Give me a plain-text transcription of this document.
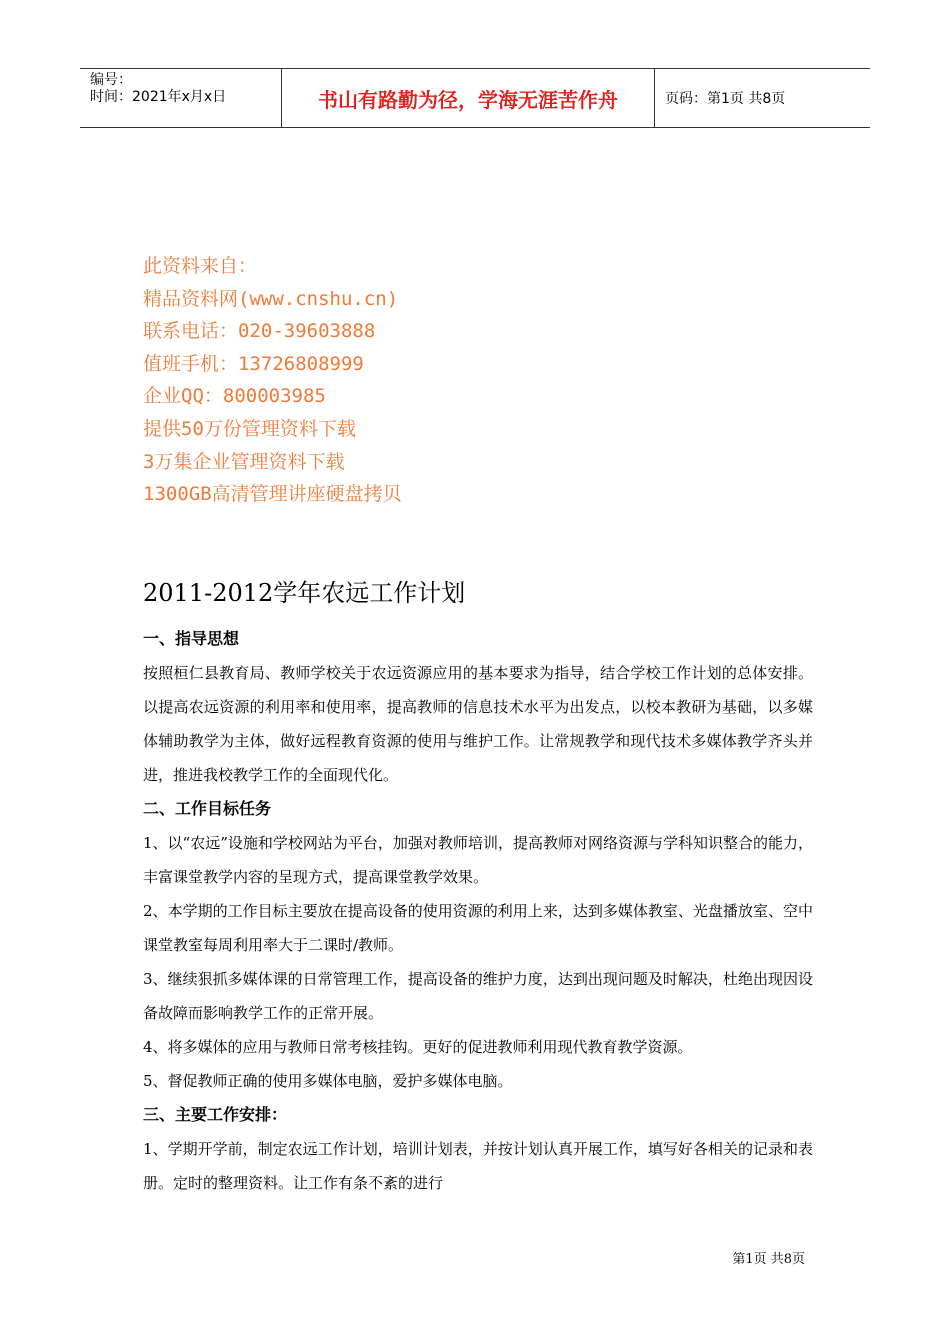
编号：
时间：2021年x月x日	书山有路勤为径，学海无涯苦作舟	页码：第1页 共8页
此资料来自：
精品资料网(www.cnshu.cn)
联系电话：020-39603888
值班手机：13726808999
企业QQ：800003985
提供50万份管理资料下载
3万集企业管理资料下载
1300GB高清管理讲座硬盘拷贝
2011-2012学年农远工作计划

一、指导思想

按照桓仁县教育局、教师学校关于农远资源应用的基本要求为指导，结合学校工作计划的总体安排。以提高农远资源的利用率和使用率，提高教师的信息技术水平为出发点，以校本教研为基础，以多媒体辅助教学为主体，做好远程教育资源的使用与维护工作。让常规教学和现代技术多媒体教学齐头并进，推进我校教学工作的全面现代化。

二、工作目标任务

1、以“农远”设施和学校网站为平台，加强对教师培训，提高教师对网络资源与学科知识整合的能力，丰富课堂教学内容的呈现方式，提高课堂教学效果。

2、本学期的工作目标主要放在提高设备的使用资源的利用上来，达到多媒体教室、光盘播放室、空中课堂教室每周利用率大于二课时/教师。

3、继续狠抓多媒体课的日常管理工作，提高设备的维护力度，达到出现问题及时解决，杜绝出现因设备故障而影响教学工作的正常开展。

4、将多媒体的应用与教师日常考核挂钩。更好的促进教师利用现代教育教学资源。

5、督促教师正确的使用多媒体电脑，爱护多媒体电脑。

三、主要工作安排：

1、学期开学前，制定农远工作计划，培训计划表，并按计划认真开展工作，填写好各相关的记录和表册。定时的整理资料。让工作有条不紊的进行

第1页 共8页
